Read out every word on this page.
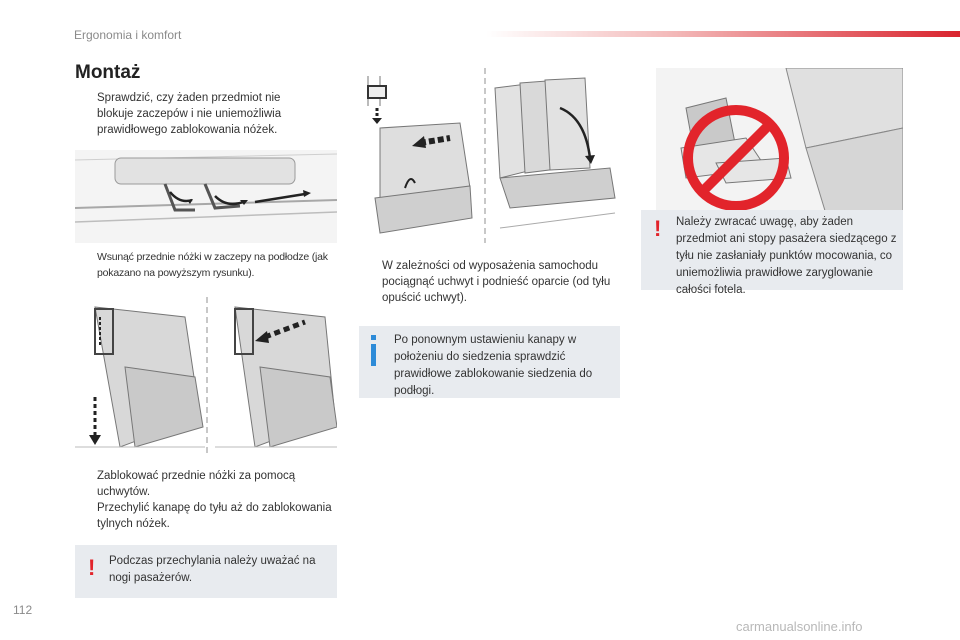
Ergonomia i komfort
Montaż
Sprawdzić, czy żaden przedmiot nie blokuje zaczepów i nie uniemożliwia prawidłowego zablokowania nóżek.
Wsunąć przednie nóżki w zaczepy na podłodze (jak pokazano na powyższym rysunku).
Zablokować przednie nóżki za pomocą uchwytów.
Przechylić kanapę do tyłu aż do zablokowania tylnych nóżek.
! Podczas przechylania należy uważać na nogi pasażerów.
W zależności od wyposażenia samochodu pociągnąć uchwyt i podnieść oparcie (od tyłu opuścić uchwyt).
Po ponownym ustawieniu kanapy w położeniu do siedzenia sprawdzić prawidłowe zablokowanie siedzenia do podłogi.
! Należy zwracać uwagę, aby żaden przedmiot ani stopy pasażera siedzącego z tyłu nie zasłaniały punktów mocowania, co uniemożliwia prawidłowe zaryglowanie całości fotela.
112
carmanualsonline.info
